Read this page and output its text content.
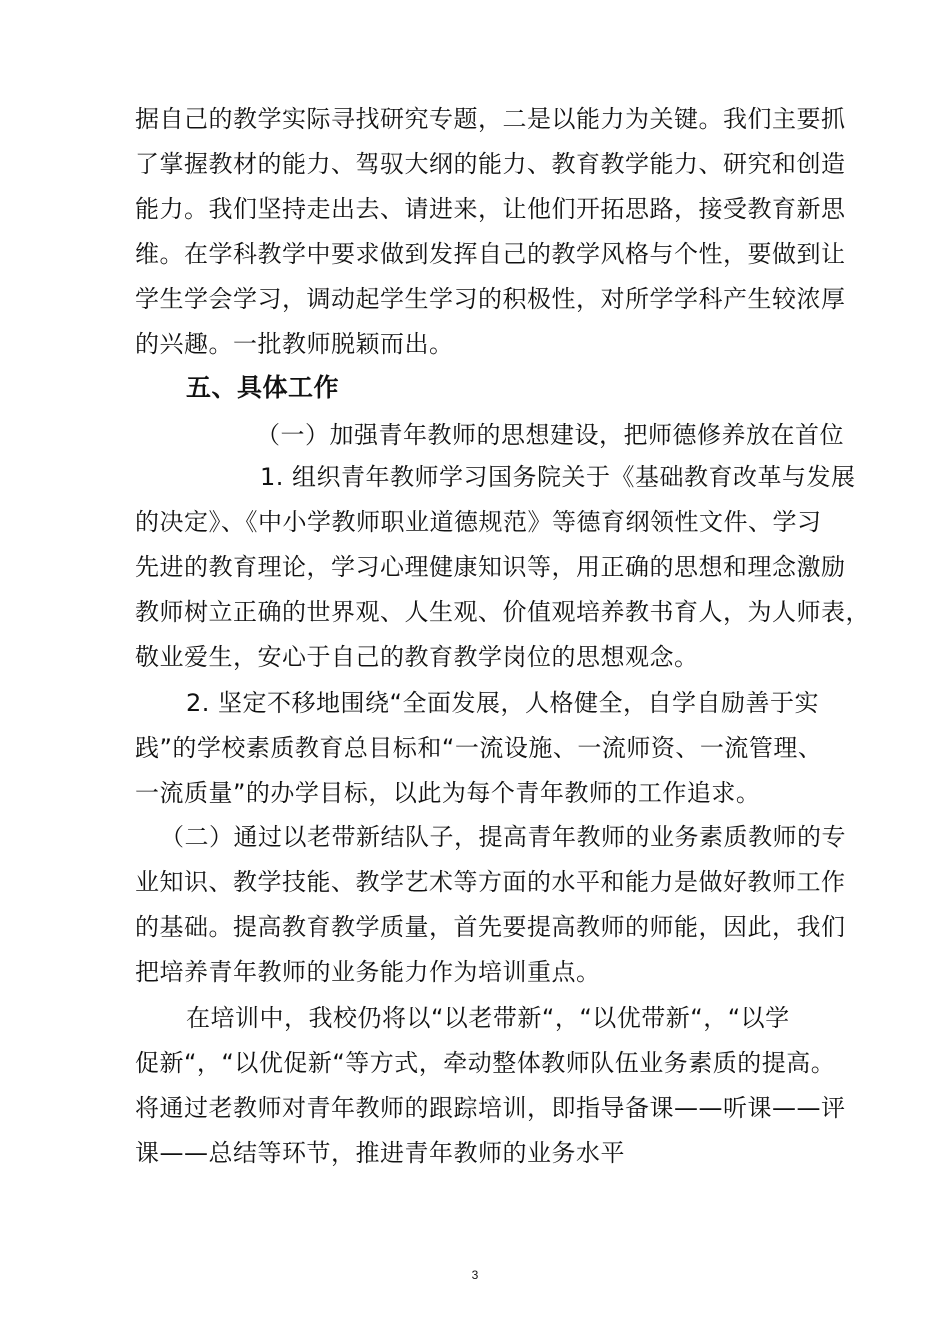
据自己的教学实际寻找研究专题，二是以能力为关键。我们主要抓
了掌握教材的能力、驾驭大纲的能力、教育教学能力、研究和创造
能力。我们坚持走出去、请进来，让他们开拓思路，接受教育新思
维。在学科教学中要求做到发挥自己的教学风格与个性，要做到让
学生学会学习，调动起学生学习的积极性，对所学学科产生较浓厚
的兴趣。一批教师脱颖而出。
五、具体工作
（一）加强青年教师的思想建设，把师德修养放在首位
1. 组织青年教师学习国务院关于《基础教育改革与发展
的决定》、《中小学教师职业道德规范》等德育纲领性文件、学习
先进的教育理论，学习心理健康知识等，用正确的思想和理念激励
教师树立正确的世界观、人生观、价值观培养教书育人，为人师表，
敬业爱生，安心于自己的教育教学岗位的思想观念。
2. 坚定不移地围绕“全面发展，人格健全，自学自励善于实
践”的学校素质教育总目标和“一流设施、一流师资、一流管理、
一流质量”的办学目标，以此为每个青年教师的工作追求。
（二）通过以老带新结队子，提高青年教师的业务素质教师的专
业知识、教学技能、教学艺术等方面的水平和能力是做好教师工作
的基础。提高教育教学质量，首先要提高教师的师能，因此，我们
把培养青年教师的业务能力作为培训重点。
在培训中，我校仍将以“以老带新“，“以优带新“，“以学
促新“，“以优促新“等方式，牵动整体教师队伍业务素质的提高。
将通过老教师对青年教师的跟踪培训，即指导备课——听课——评
课——总结等环节，推进青年教师的业务水平
3
